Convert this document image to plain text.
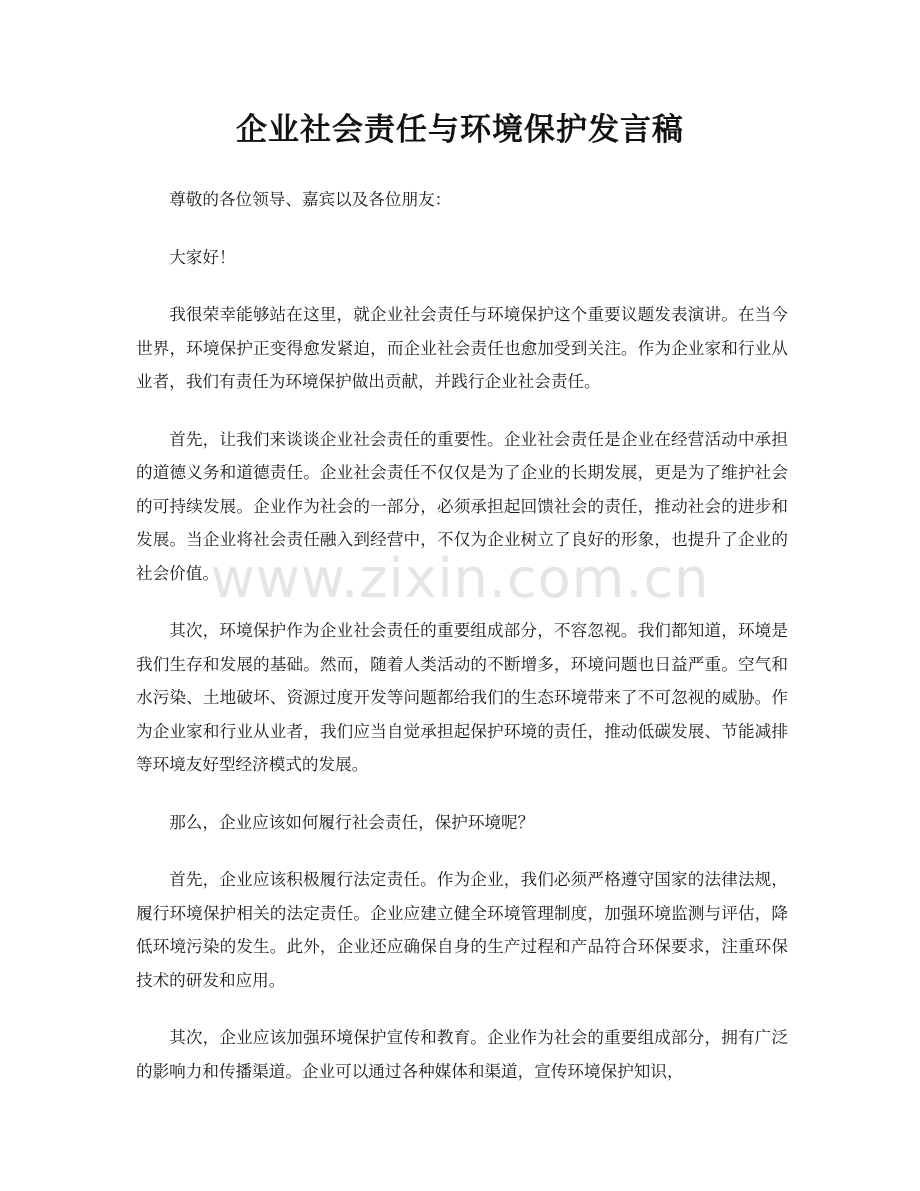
企业社会责任与环境保护发言稿

尊敬的各位领导、嘉宾以及各位朋友：

大家好！

我很荣幸能够站在这里，就企业社会责任与环境保护这个重要议题发表演讲。在当今世界，环境保护正变得愈发紧迫，而企业社会责任也愈加受到关注。作为企业家和行业从业者，我们有责任为环境保护做出贡献，并践行企业社会责任。

首先，让我们来谈谈企业社会责任的重要性。企业社会责任是企业在经营活动中承担的道德义务和道德责任。企业社会责任不仅仅是为了企业的长期发展，更是为了维护社会的可持续发展。企业作为社会的一部分，必须承担起回馈社会的责任，推动社会的进步和发展。当企业将社会责任融入到经营中，不仅为企业树立了良好的形象，也提升了企业的社会价值。

其次，环境保护作为企业社会责任的重要组成部分，不容忽视。我们都知道，环境是我们生存和发展的基础。然而，随着人类活动的不断增多，环境问题也日益严重。空气和水污染、土地破坏、资源过度开发等问题都给我们的生态环境带来了不可忽视的威胁。作为企业家和行业从业者，我们应当自觉承担起保护环境的责任，推动低碳发展、节能减排等环境友好型经济模式的发展。

那么，企业应该如何履行社会责任，保护环境呢？

首先，企业应该积极履行法定责任。作为企业，我们必须严格遵守国家的法律法规，履行环境保护相关的法定责任。企业应建立健全环境管理制度，加强环境监测与评估，降低环境污染的发生。此外，企业还应确保自身的生产过程和产品符合环保要求，注重环保技术的研发和应用。

其次，企业应该加强环境保护宣传和教育。企业作为社会的重要组成部分，拥有广泛的影响力和传播渠道。企业可以通过各种媒体和渠道，宣传环境保护知识，

www.zixin.com.cn
